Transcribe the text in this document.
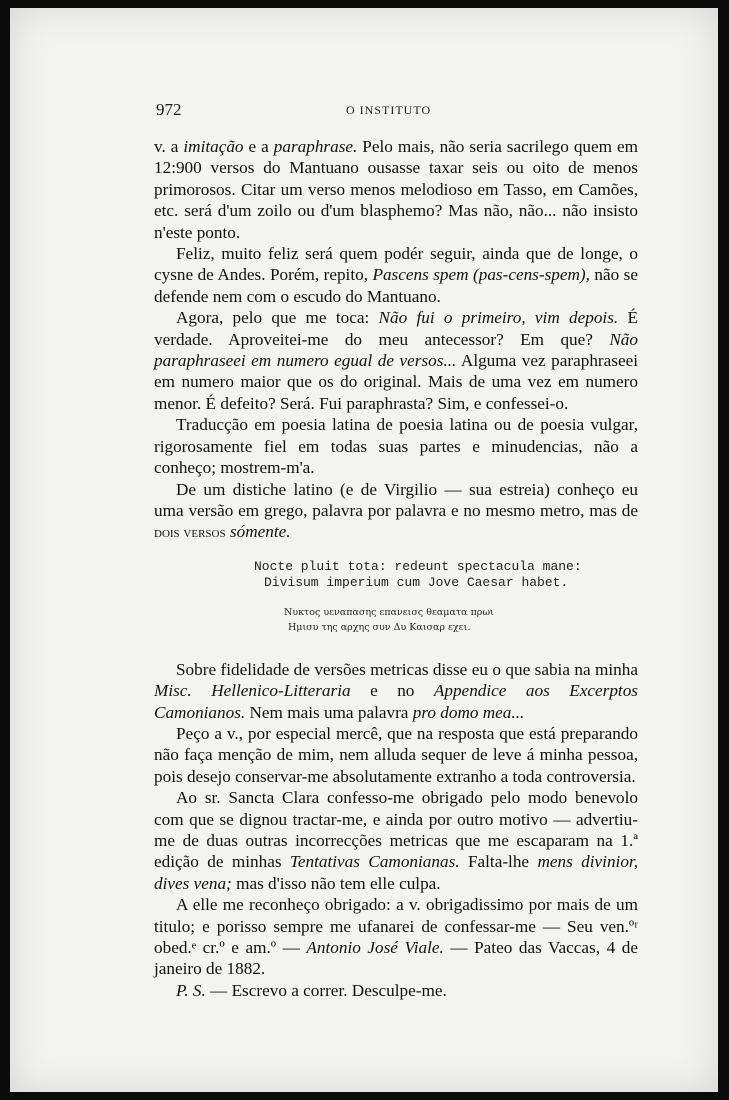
972	O INSTITUTO

v. a imitação e a paraphrase. Pelo mais, não seria sacrilego quem em 12:900 versos do Mantuano ousasse taxar seis ou oito de menos primorosos. Citar um verso menos melodioso em Tasso, em Camões, etc. será d'um zoilo ou d'um blasphemo? Mas não, não... não insisto n'este ponto.

Feliz, muito feliz será quem podér seguir, ainda que de longe, o cysne de Andes. Porém, repito, Pascens spem (pas-cens-spem), não se defende nem com o escudo do Mantuano.

Agora, pelo que me toca: Não fui o primeiro, vim depois. É verdade. Aproveitei-me do meu antecessor? Em que? Não paraphraseei em numero egual de versos... Alguma vez paraphraseei em numero maior que os do original. Mais de uma vez em numero menor. É defeito? Será. Fui paraphrasta? Sim, e confessei-o.

Traducção em poesia latina de poesia latina ou de poesia vulgar, rigorosamente fiel em todas suas partes e minudencias, não a conheço; mostrem-m'a.

De um distiche latino (e de Virgilio — sua estreia) conheço eu uma versão em grego, palavra por palavra e no mesmo metro, mas de dois versos sómente.

Nocte pluit tota: redeunt spectacula mane:
Divisum imperium cum Jove Caesar habet.
Νυκτος υεναπασης επανεισς θεαματα πρωι
Ημισυ της αρχης συν Δυ Καισαρ εχει.

Sobre fidelidade de versões metricas disse eu o que sabia na minha Misc. Hellenico-Litteraria e no Appendice aos Excerptos Camonianos. Nem mais uma palavra pro domo mea...

Peço a v., por especial mercê, que na resposta que está preparando não faça menção de mim, nem alluda sequer de leve á minha pessoa, pois desejo conservar-me absolutamente extranho a toda controversia.

Ao sr. Sancta Clara confesso-me obrigado pelo modo benevolo com que se dignou tractar-me, e ainda por outro motivo — advertiu-me de duas outras incorrecções metricas que me escaparam na 1.ª edição de minhas Tentativas Camonianas. Falta-lhe mens divinior, dives vena; mas d'isso não tem elle culpa.

A elle me reconheço obrigado: a v. obrigadissimo por mais de um titulo; e porisso sempre me ufanarei de confessar-me — Seu ven.ºʳ obed.ᵉ cr.º e am.º — Antonio José Viale. — Pateo das Vaccas, 4 de janeiro de 1882.

P. S. — Escrevo a correr. Desculpe-me.
